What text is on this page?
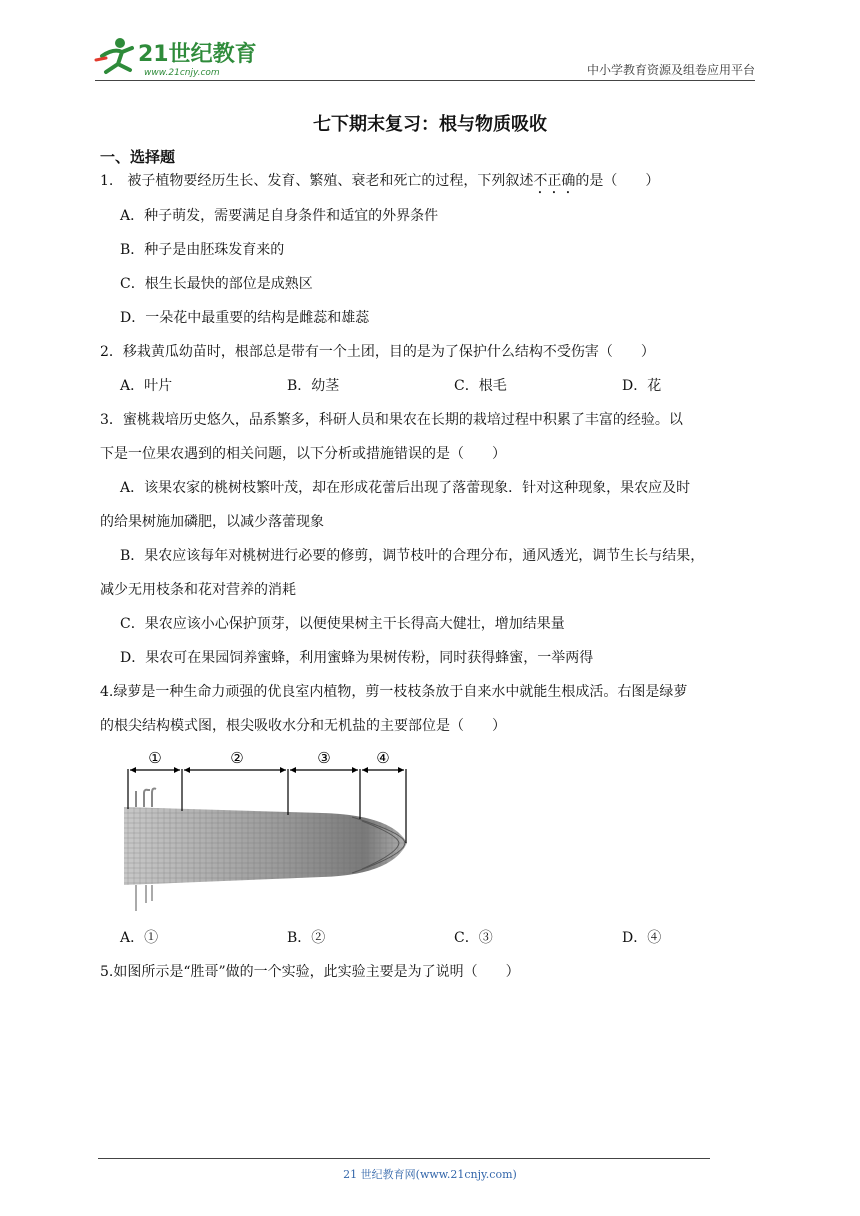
21世纪教育
www.21cnjy.com	中小学教育资源及组卷应用平台
七下期末复习：根与物质吸收
一、选择题
1.　被子植物要经历生长、发育、繁殖、衰老和死亡的过程，下列叙述不正确的是（　　）
A．种子萌发，需要满足自身条件和适宜的外界条件
B．种子是由胚珠发育来的
C．根生长最快的部位是成熟区
D．一朵花中最重要的结构是雌蕊和雄蕊
2．移栽黄瓜幼苗时，根部总是带有一个土团，目的是为了保护什么结构不受伤害（　　）
A．叶片	B．幼茎	C．根毛	D．花
3．蜜桃栽培历史悠久，品系繁多，科研人员和果农在长期的栽培过程中积累了丰富的经验。以
下是一位果农遇到的相关问题，以下分析或措施错误的是（　　）
A．该果农家的桃树枝繁叶茂，却在形成花蕾后出现了落蕾现象．针对这种现象，果农应及时
的给果树施加磷肥，以减少落蕾现象
B．果农应该每年对桃树进行必要的修剪，调节枝叶的合理分布，通风透光，调节生长与结果，
减少无用枝条和花对营养的消耗
C．果农应该小心保护顶芽，以便使果树主干长得高大健壮，增加结果量
D．果农可在果园饲养蜜蜂，利用蜜蜂为果树传粉，同时获得蜂蜜，一举两得
4.绿萝是一种生命力顽强的优良室内植物，剪一枝枝条放于自来水中就能生根成活。右图是绿萝
的根尖结构模式图，根尖吸收水分和无机盐的主要部位是（　　）
①	②	③	④
A．①	B．②	C．③	D．④
5.如图所示是“胜哥”做的一个实验，此实验主要是为了说明（　　）
21 世纪教育网(www.21cnjy.com)
